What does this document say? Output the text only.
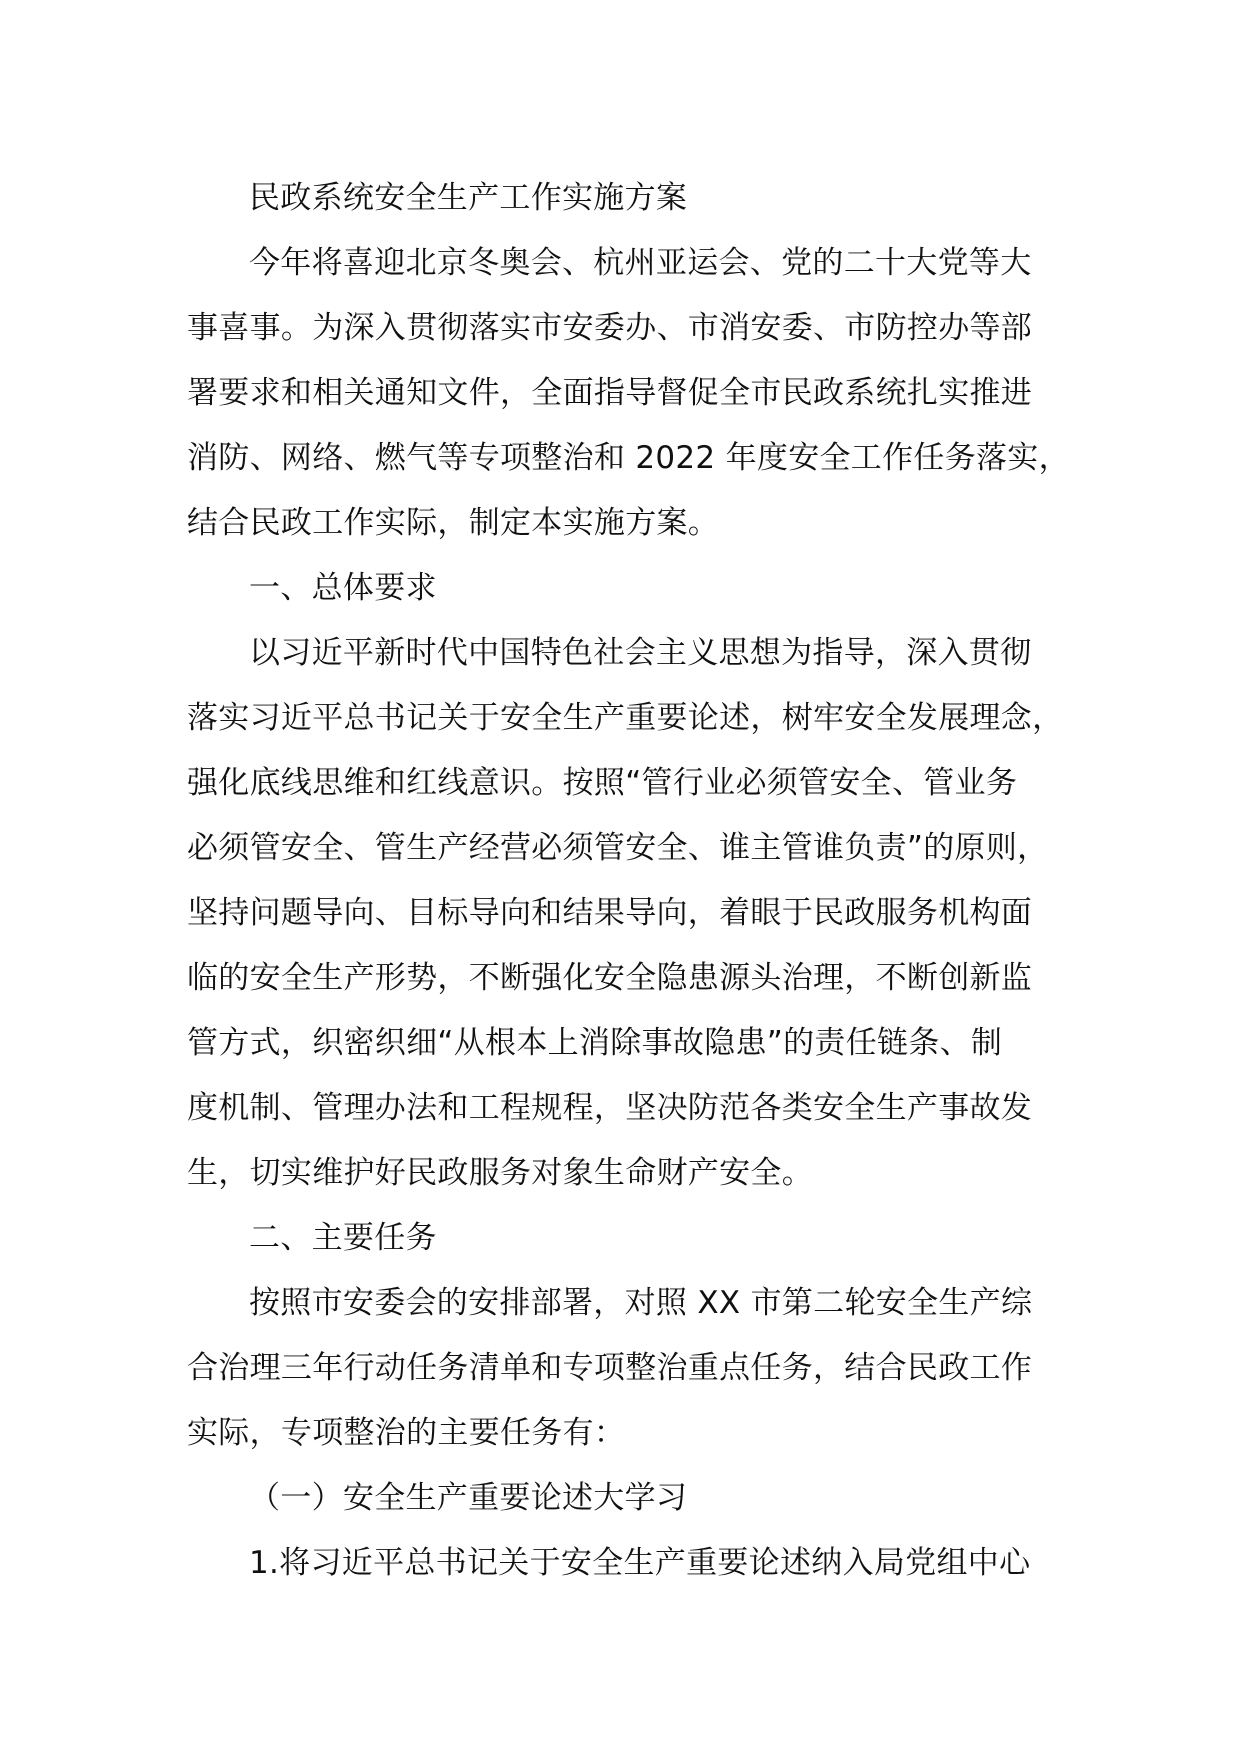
民政系统安全生产工作实施方案
今年将喜迎北京冬奥会、杭州亚运会、党的二十大党等大
事喜事。为深入贯彻落实市安委办、市消安委、市防控办等部
署要求和相关通知文件，全面指导督促全市民政系统扎实推进
消防、网络、燃气等专项整治和 2022 年度安全工作任务落实，
结合民政工作实际，制定本实施方案。
一、总体要求
以习近平新时代中国特色社会主义思想为指导，深入贯彻
落实习近平总书记关于安全生产重要论述，树牢安全发展理念，
强化底线思维和红线意识。按照“管行业必须管安全、管业务
必须管安全、管生产经营必须管安全、谁主管谁负责”的原则，
坚持问题导向、目标导向和结果导向，着眼于民政服务机构面
临的安全生产形势，不断强化安全隐患源头治理，不断创新监
管方式，织密织细“从根本上消除事故隐患”的责任链条、制
度机制、管理办法和工程规程，坚决防范各类安全生产事故发
生，切实维护好民政服务对象生命财产安全。
二、主要任务
按照市安委会的安排部署，对照 XX 市第二轮安全生产综
合治理三年行动任务清单和专项整治重点任务，结合民政工作
实际，专项整治的主要任务有：
（一）安全生产重要论述大学习
1.将习近平总书记关于安全生产重要论述纳入局党组中心
